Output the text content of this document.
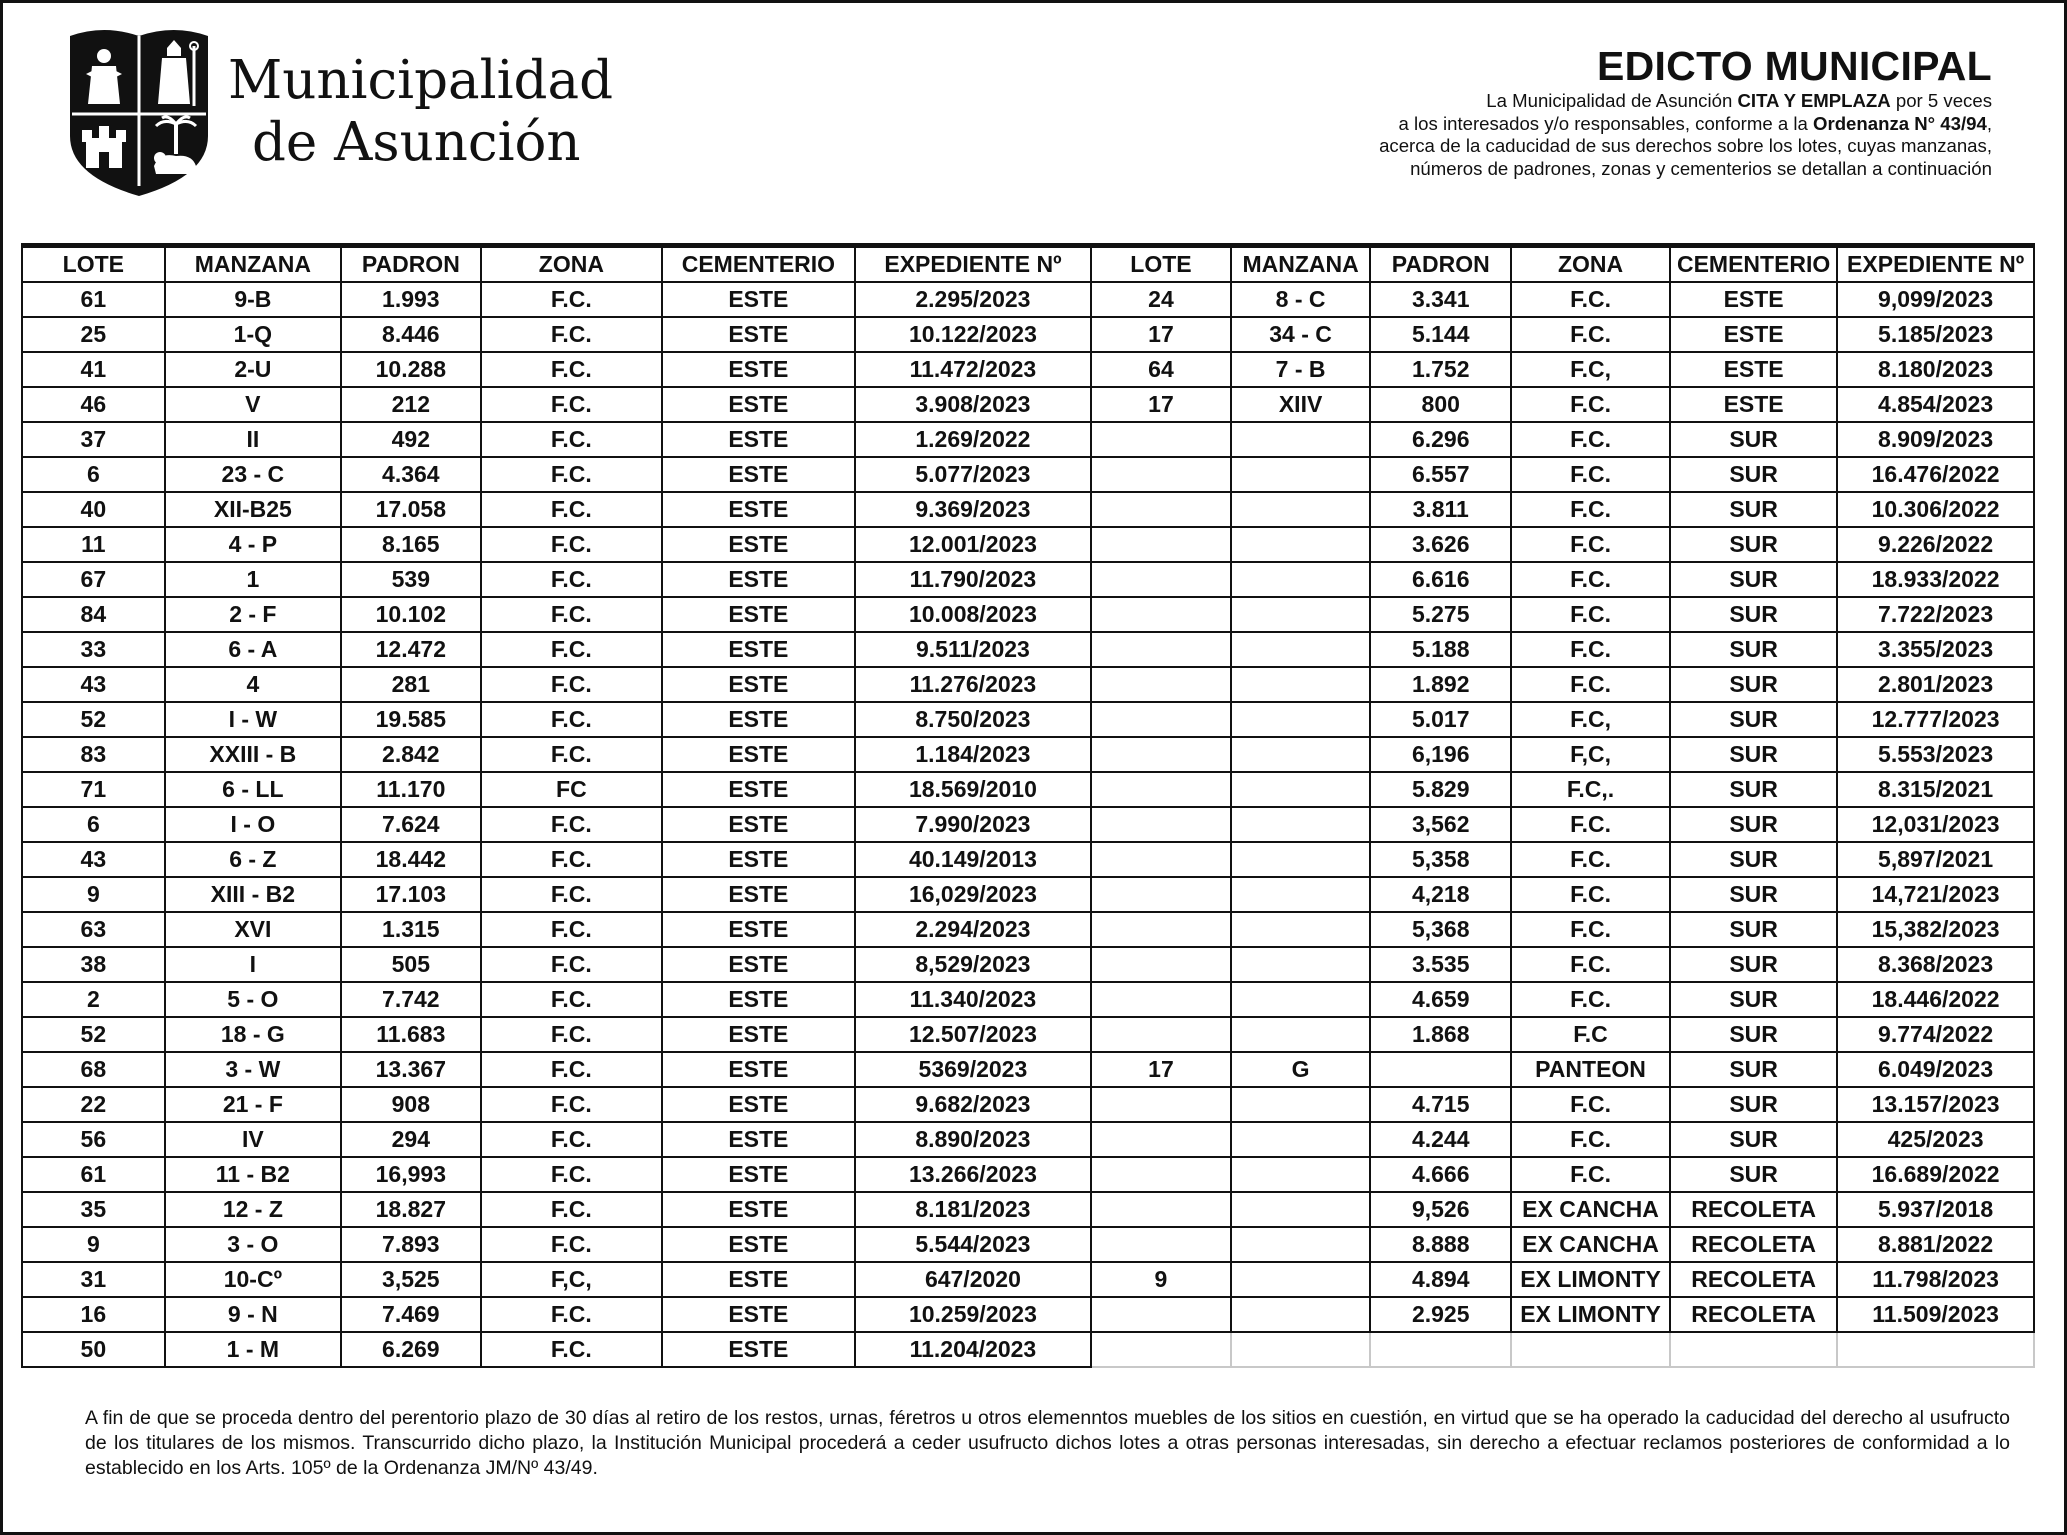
Municipalidad
de Asunción
EDICTO MUNICIPAL
La Municipalidad de Asunción CITA Y EMPLAZA por 5 veces
a los interesados y/o responsables, conforme a la Ordenanza N° 43/94,
acerca de la caducidad de sus derechos sobre los lotes, cuyas manzanas,
números de padrones, zonas y cementerios se detallan a continuación
LOTE	MANZANA	PADRON	ZONA	CEMENTERIO	EXPEDIENTE Nº	LOTE	MANZANA	PADRON	ZONA	CEMENTERIO	EXPEDIENTE Nº
61	9-B	1.993	F.C.	ESTE	2.295/2023	24	8 - C	3.341	F.C.	ESTE	9,099/2023
25	1-Q	8.446	F.C.	ESTE	10.122/2023	17	34 - C	5.144	F.C.	ESTE	5.185/2023
41	2-U	10.288	F.C.	ESTE	11.472/2023	64	7 - B	1.752	F.C,	ESTE	8.180/2023
46	V	212	F.C.	ESTE	3.908/2023	17	XIIV	800	F.C.	ESTE	4.854/2023
37	II	492	F.C.	ESTE	1.269/2022			6.296	F.C.	SUR	8.909/2023
6	23 - C	4.364	F.C.	ESTE	5.077/2023			6.557	F.C.	SUR	16.476/2022
40	XII-B25	17.058	F.C.	ESTE	9.369/2023			3.811	F.C.	SUR	10.306/2022
11	4 - P	8.165	F.C.	ESTE	12.001/2023			3.626	F.C.	SUR	9.226/2022
67	1	539	F.C.	ESTE	11.790/2023			6.616	F.C.	SUR	18.933/2022
84	2 - F	10.102	F.C.	ESTE	10.008/2023			5.275	F.C.	SUR	7.722/2023
33	6 - A	12.472	F.C.	ESTE	9.511/2023			5.188	F.C.	SUR	3.355/2023
43	4	281	F.C.	ESTE	11.276/2023			1.892	F.C.	SUR	2.801/2023
52	I - W	19.585	F.C.	ESTE	8.750/2023			5.017	F.C,	SUR	12.777/2023
83	XXIII - B	2.842	F.C.	ESTE	1.184/2023			6,196	F,C,	SUR	5.553/2023
71	6 - LL	11.170	FC	ESTE	18.569/2010			5.829	F.C,.	SUR	8.315/2021
6	I - O	7.624	F.C.	ESTE	7.990/2023			3,562	F.C.	SUR	12,031/2023
43	6 - Z	18.442	F.C.	ESTE	40.149/2013			5,358	F.C.	SUR	5,897/2021
9	XIII - B2	17.103	F.C.	ESTE	16,029/2023			4,218	F.C.	SUR	14,721/2023
63	XVI	1.315	F.C.	ESTE	2.294/2023			5,368	F.C.	SUR	15,382/2023
38	I	505	F.C.	ESTE	8,529/2023			3.535	F.C.	SUR	8.368/2023
2	5 - O	7.742	F.C.	ESTE	11.340/2023			4.659	F.C.	SUR	18.446/2022
52	18 - G	11.683	F.C.	ESTE	12.507/2023			1.868	F.C	SUR	9.774/2022
68	3 - W	13.367	F.C.	ESTE	5369/2023	17	G		PANTEON	SUR	6.049/2023
22	21 - F	908	F.C.	ESTE	9.682/2023			4.715	F.C.	SUR	13.157/2023
56	IV	294	F.C.	ESTE	8.890/2023			4.244	F.C.	SUR	425/2023
61	11 - B2	16,993	F.C.	ESTE	13.266/2023			4.666	F.C.	SUR	16.689/2022
35	12 - Z	18.827	F.C.	ESTE	8.181/2023			9,526	EX CANCHA	RECOLETA	5.937/2018
9	3 - O	7.893	F.C.	ESTE	5.544/2023			8.888	EX CANCHA	RECOLETA	8.881/2022
31	10-Cº	3,525	F,C,	ESTE	647/2020	9		4.894	EX LIMONTY	RECOLETA	11.798/2023
16	9 - N	7.469	F.C.	ESTE	10.259/2023			2.925	EX LIMONTY	RECOLETA	11.509/2023
50	1 - M	6.269	F.C.	ESTE	11.204/2023						
A fin de que se proceda dentro del perentorio plazo de 30 días al retiro de los restos, urnas, féretros u otros elemenntos muebles de los sitios en cuestión, en virtud que se ha operado la caducidad del derecho al usufructo de los titulares de los mismos. Transcurrido dicho plazo, la Institución Municipal procederá a ceder usufructo dichos lotes a otras personas interesadas, sin derecho a efectuar reclamos posteriores de conformidad a lo establecido en los Arts. 105º de la Ordenanza JM/Nº 43/49.
